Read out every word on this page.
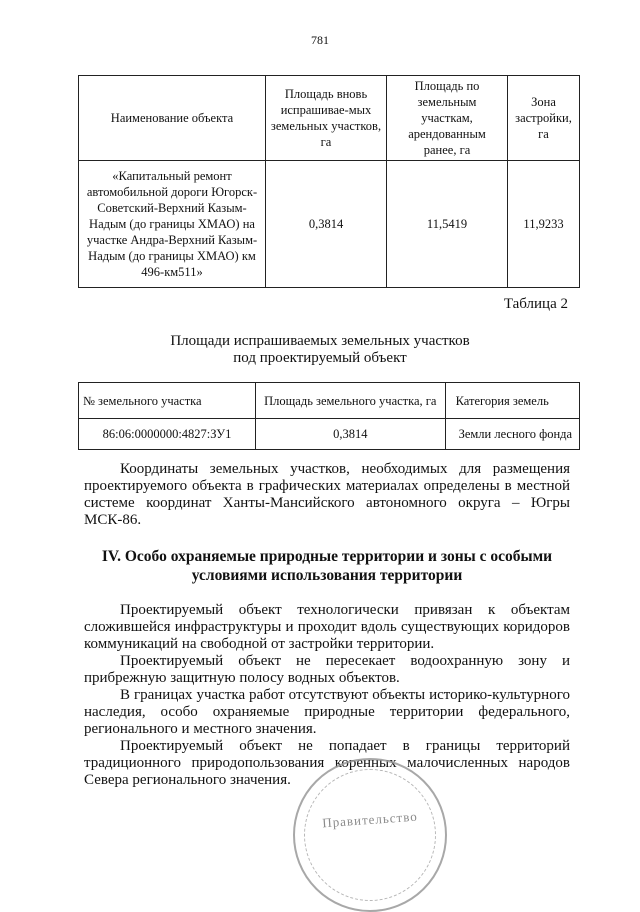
781
Наименование объекта	Площадь вновь испрашивае-мых земельных участков, га	Площадь по земельным участкам, арендованным ранее, га	Зона застройки, га
«Капитальный ремонт автомобильной дороги Югорск-Советский-Верхний Казым- Надым (до границы ХМАО) на участке Андра-Верхний Казым-Надым (до границы ХМАО) км 496-км511»	0,3814	11,5419	11,9233
Таблица 2
Площади испрашиваемых земельных участков
под проектируемый объект
№ земельного участка	Площадь земельного участка, га	Категория земель
86:06:0000000:4827:ЗУ1	0,3814	Земли лесного фонда

Координаты земельных участков, необходимых для размещения проектируемого объекта в графических материалах определены в местной системе координат Ханты-Мансийского автономного округа – Югры МСК-86.

IV. Особо охраняемые природные территории и зоны с особыми
условиями использования территории

Проектируемый объект технологически привязан к объектам сложившейся инфраструктуры и проходит вдоль существующих коридоров коммуникаций на свободной от застройки территории.

Проектируемый объект не пересекает водоохранную зону и прибрежную защитную полосу водных объектов.

В границах участка работ отсутствуют объекты историко-культурного наследия, особо охраняемые природные территории федерального, регионального и местного значения.

Проектируемый объект не попадает в границы территорий традиционного природопользования коренных малочисленных народов Севера регионального значения.

Правительство
